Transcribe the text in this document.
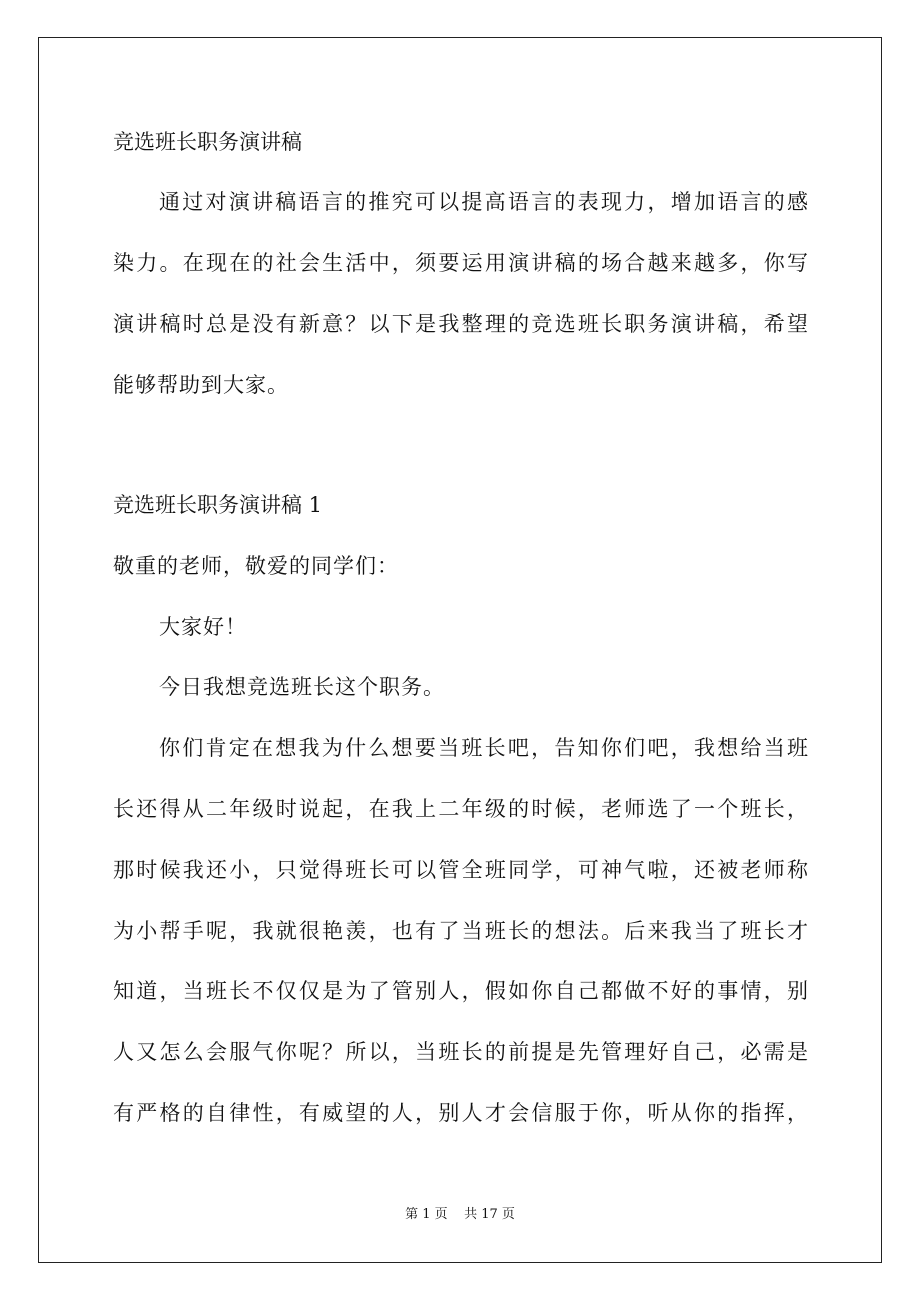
竞选班长职务演讲稿
通过对演讲稿语言的推究可以提高语言的表现力，增加语言的感
染力。在现在的社会生活中，须要运用演讲稿的场合越来越多，你写
演讲稿时总是没有新意？以下是我整理的竞选班长职务演讲稿，希望
能够帮助到大家。
竞选班长职务演讲稿 1
敬重的老师，敬爱的同学们：
大家好！
今日我想竞选班长这个职务。
你们肯定在想我为什么想要当班长吧，告知你们吧，我想给当班
长还得从二年级时说起，在我上二年级的时候，老师选了一个班长，
那时候我还小，只觉得班长可以管全班同学，可神气啦，还被老师称
为小帮手呢，我就很艳羡，也有了当班长的想法。后来我当了班长才
知道，当班长不仅仅是为了管别人，假如你自己都做不好的事情，别
人又怎么会服气你呢？所以，当班长的前提是先管理好自己，必需是
有严格的自律性，有威望的人，别人才会信服于你，听从你的指挥，
第 1 页    共 17 页
